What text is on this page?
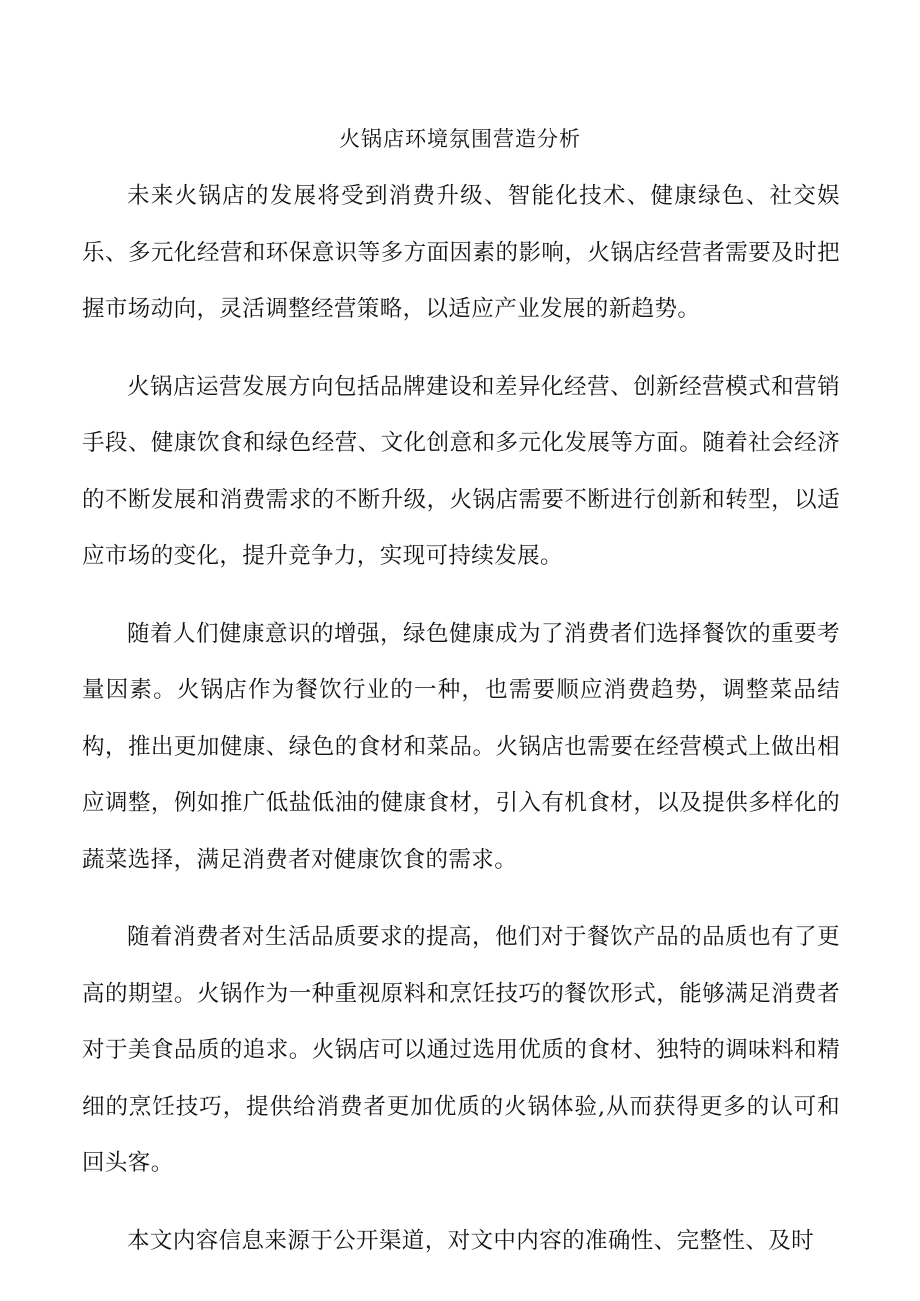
火锅店环境氛围营造分析

未来火锅店的发展将受到消费升级、智能化技术、健康绿色、社交娱乐、多元化经营和环保意识等多方面因素的影响，火锅店经营者需要及时把握市场动向，灵活调整经营策略，以适应产业发展的新趋势。

火锅店运营发展方向包括品牌建设和差异化经营、创新经营模式和营销手段、健康饮食和绿色经营、文化创意和多元化发展等方面。随着社会经济的不断发展和消费需求的不断升级，火锅店需要不断进行创新和转型，以适应市场的变化，提升竞争力，实现可持续发展。

随着人们健康意识的增强，绿色健康成为了消费者们选择餐饮的重要考量因素。火锅店作为餐饮行业的一种，也需要顺应消费趋势，调整菜品结构，推出更加健康、绿色的食材和菜品。火锅店也需要在经营模式上做出相应调整，例如推广低盐低油的健康食材，引入有机食材，以及提供多样化的蔬菜选择，满足消费者对健康饮食的需求。

随着消费者对生活品质要求的提高，他们对于餐饮产品的品质也有了更高的期望。火锅作为一种重视原料和烹饪技巧的餐饮形式，能够满足消费者对于美食品质的追求。火锅店可以通过选用优质的食材、独特的调味料和精细的烹饪技巧，提供给消费者更加优质的火锅体验,从而获得更多的认可和回头客。

本文内容信息来源于公开渠道，对文中内容的准确性、完整性、及时
